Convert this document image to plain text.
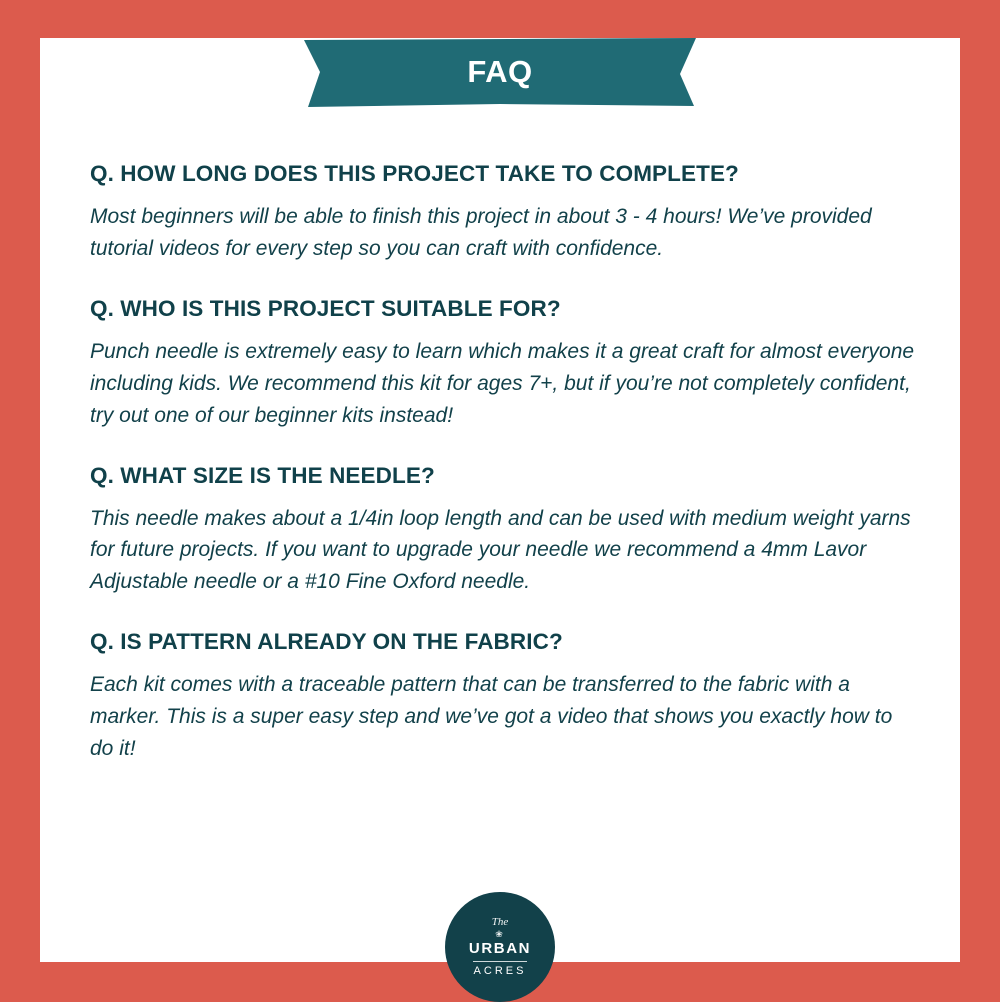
FAQ

Q. HOW LONG DOES THIS PROJECT TAKE TO COMPLETE?

Most beginners will be able to finish this project in about 3 - 4 hours! We’ve provided tutorial videos for every step so you can craft with confidence.

Q. WHO IS THIS PROJECT SUITABLE FOR?

Punch needle is extremely easy to learn which makes it a great craft for almost everyone including kids. We recommend this kit for ages 7+, but if you’re not completely confident, try out one of our beginner kits instead!

Q. WHAT SIZE IS THE NEEDLE?

This needle makes about a 1/4in loop length and can be used with medium weight yarns for future projects. If you want to upgrade your needle we recommend a 4mm Lavor Adjustable needle or a #10 Fine Oxford needle.

Q. IS PATTERN ALREADY ON THE FABRIC?

Each kit comes with a traceable pattern that can be transferred to the fabric with a marker. This is a super easy step and we’ve got a video that shows you exactly how to do it!

The
❀
URBAN
ACRES
